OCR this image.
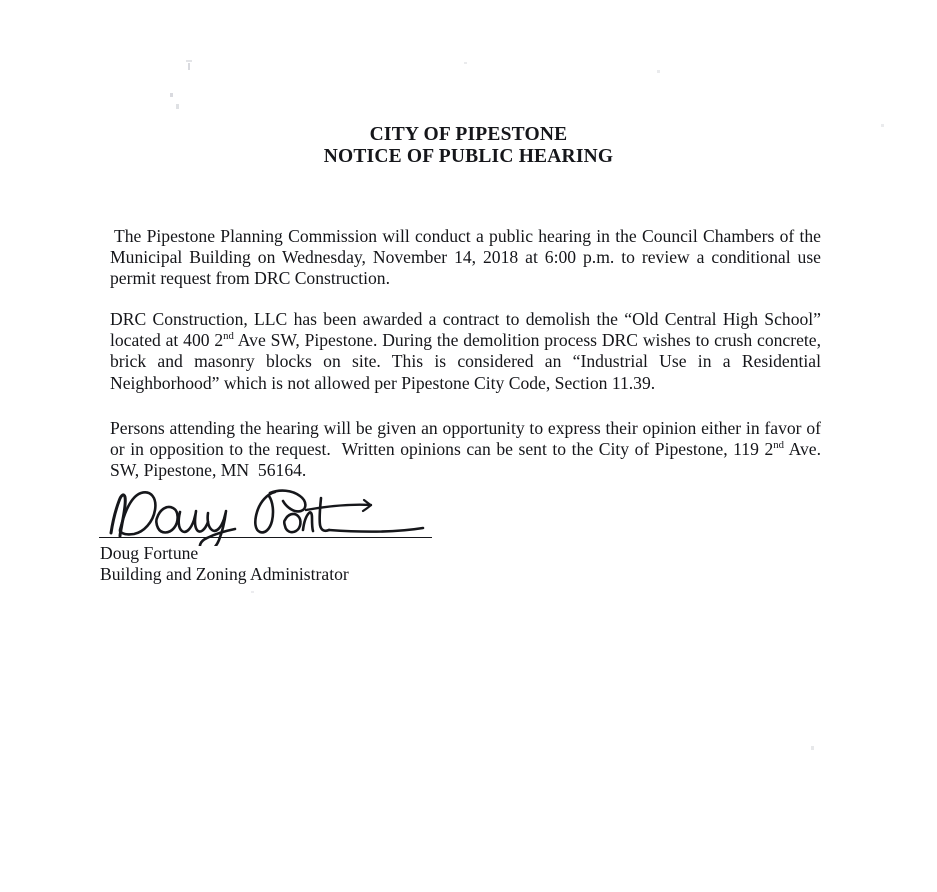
CITY OF PIPESTONE
NOTICE OF PUBLIC HEARING

The Pipestone Planning Commission will conduct a public hearing in the Council Chambers of the Municipal Building on Wednesday, November 14, 2018 at 6:00 p.m. to review a conditional use permit request from DRC Construction.

DRC Construction, LLC has been awarded a contract to demolish the “Old Central High School” located at 400 2nd Ave SW, Pipestone. During the demolition process DRC wishes to crush concrete, brick and masonry blocks on site. This is considered an “Industrial Use in a Residential Neighborhood” which is not allowed per Pipestone City Code, Section 11.39.

Persons attending the hearing will be given an opportunity to express their opinion either in favor of or in opposition to the request.  Written opinions can be sent to the City of Pipestone, 119 2nd Ave. SW, Pipestone, MN  56164.

Doug Fortune
Building and Zoning Administrator
